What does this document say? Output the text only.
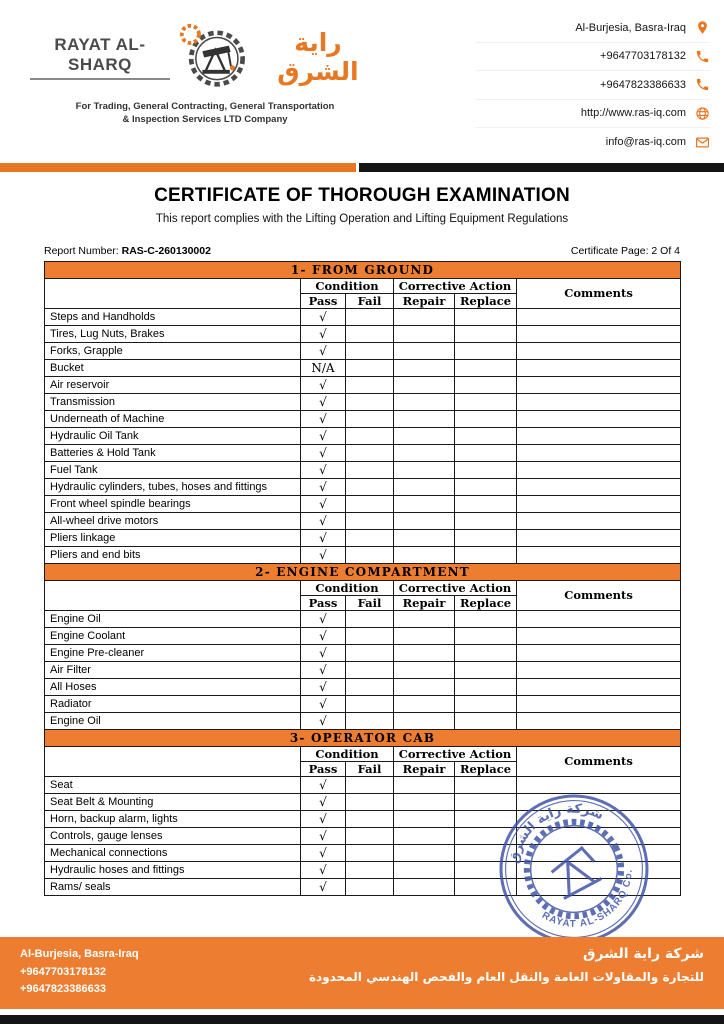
RAYAT AL-SHARQ
راية الشرق
For Trading, General Contracting, General Transportation
& Inspection Services LTD Company
Al-Burjesia, Basra-Iraq
+9647703178132
+9647823386633
http://www.ras-iq.com
info@ras-iq.com
CERTIFICATE OF THOROUGH EXAMINATION
This report complies with the Lifting Operation and Lifting Equipment Regulations
Report Number: RAS-C-260130002	Certificate Page: 2 Of 4
1- FROM GROUND					
	Condition		Corrective Action		Comments
	Pass	Fail	Repair	Replace	
Steps and Handholds	√				
Tires, Lug Nuts, Brakes	√				
Forks, Grapple	√				
Bucket	N/A				
Air reservoir	√				
Transmission	√				
Underneath of Machine	√				
Hydraulic Oil Tank	√				
Batteries & Hold Tank	√				
Fuel Tank	√				
Hydraulic cylinders, tubes, hoses and fittings	√				
Front wheel spindle bearings	√				
All-wheel drive motors	√				
Pliers linkage	√				
Pliers and end bits	√				
2- ENGINE COMPARTMENT					
	Condition		Corrective Action		Comments
	Pass	Fail	Repair	Replace	
Engine Oil	√				
Engine Coolant	√				
Engine Pre-cleaner	√				
Air Filter	√				
All Hoses	√				
Radiator	√				
Engine Oil	√				
3- OPERATOR CAB					
	Condition		Corrective Action		Comments
	Pass	Fail	Repair	Replace	
Seat	√				
Seat Belt & Mounting	√				
Horn, backup alarm, lights	√				
Controls, gauge lenses	√				
Mechanical connections	√				
Hydraulic hoses and fittings	√				
Rams/ seals	√				
شركة راية الشرق
RAYAT AL-SHARQ Co.
Al-Burjesia, Basra-Iraq
+9647703178132
+9647823386633
شركة راية الشرق
للتجارة والمقاولات العامة والنقل العام والفحص الهندسي المحدودة
